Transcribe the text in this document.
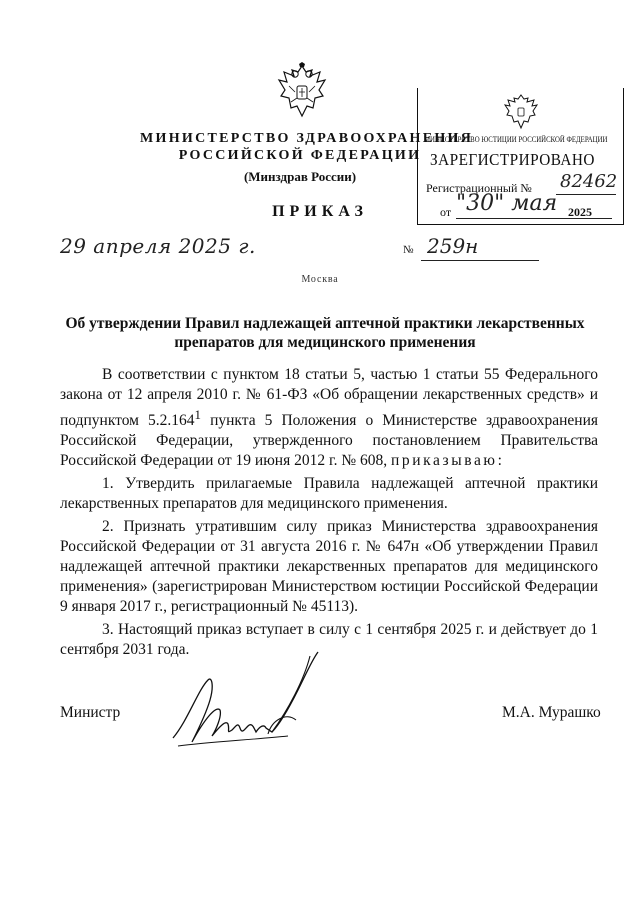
МИНИСТЕРСТВО ЗДРАВООХРАНЕНИЯ
РОССИЙСКОЙ ФЕДЕРАЦИИ
(Минздрав России)
МИНИСТЕРСТВО ЮСТИЦИИ РОССИЙСКОЙ ФЕДЕРАЦИИ
ЗАРЕГИСТРИРОВАНО
Регистрационный № 82462
от "30" мая 2025
ПРИКАЗ
29 апреля 2025 г.	№ 259н
Москва
Об утверждении Правил надлежащей аптечной практики лекарственных препаратов для медицинского применения

В соответствии с пунктом 18 статьи 5, частью 1 статьи 55 Федерального закона от 12 апреля 2010 г. № 61-ФЗ «Об обращении лекарственных средств» и подпунктом 5.2.164$^1$ пункта 5 Положения о Министерстве здравоохранения Российской Федерации, утвержденного постановлением Правительства Российской Федерации от 19 июня 2012 г. № 608, приказываю:

1. Утвердить прилагаемые Правила надлежащей аптечной практики лекарственных препаратов для медицинского применения.

2. Признать утратившим силу приказ Министерства здравоохранения Российской Федерации от 31 августа 2016 г. № 647н «Об утверждении Правил надлежащей аптечной практики лекарственных препаратов для медицинского применения» (зарегистрирован Министерством юстиции Российской Федерации 9 января 2017 г., регистрационный № 45113).

3. Настоящий приказ вступает в силу с 1 сентября 2025 г. и действует до 1 сентября 2031 года.

Министр	М.А. Мурашко
